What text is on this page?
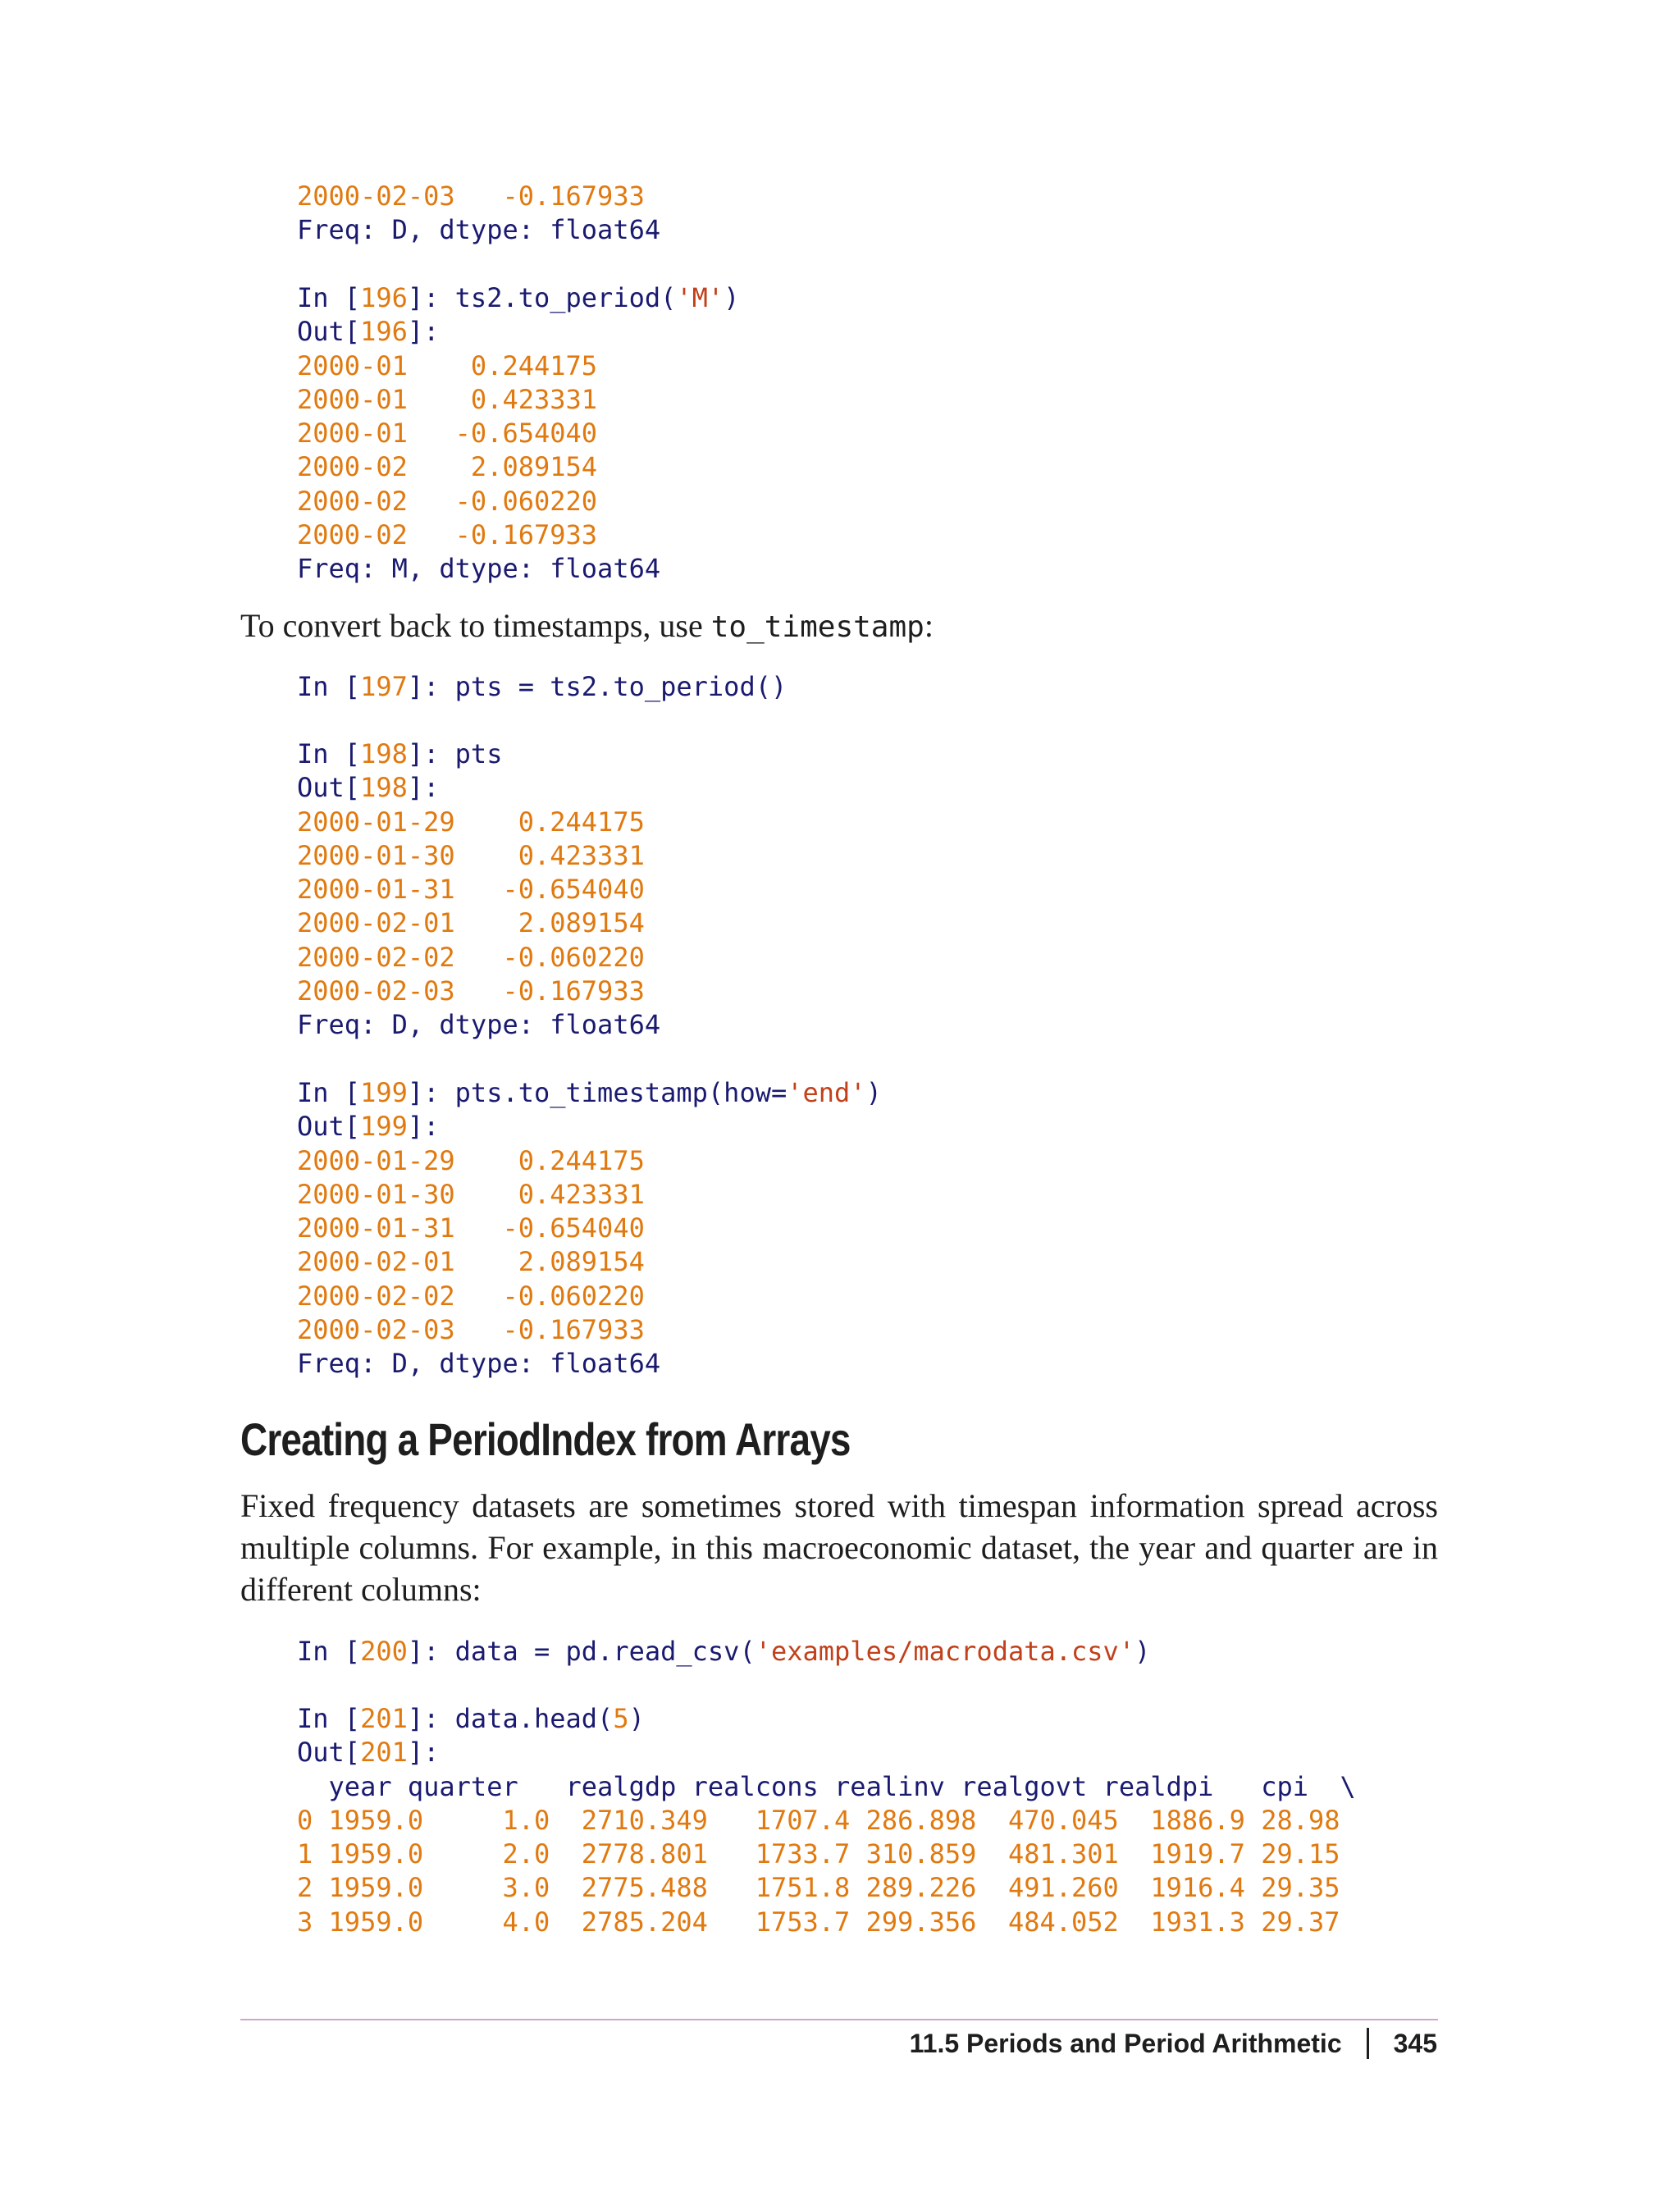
2000-02-03 -0.167933
Freq: D, dtype: float64
In [196]: ts2.to_period('M')
Out[196]:
2000-01    0.244175
2000-01    0.423331
2000-01 -0.654040
2000-02    2.089154
2000-02 -0.060220
2000-02 -0.167933
Freq: M, dtype: float64

To convert back to timestamps, use to_timestamp:

In [197]: pts = ts2.to_period()
In [198]: pts
Out[198]:
2000-01-29    0.244175
2000-01-30    0.423331
2000-01-31 -0.654040
2000-02-01    2.089154
2000-02-02 -0.060220
2000-02-03 -0.167933
Freq: D, dtype: float64
In [199]: pts.to_timestamp(how='end')
Out[199]:
2000-01-29    0.244175
2000-01-30    0.423331
2000-01-31 -0.654040
2000-02-01    2.089154
2000-02-02 -0.060220
2000-02-03 -0.167933
Freq: D, dtype: float64
Creating a PeriodIndex from Arrays

Fixed frequency datasets are sometimes stored with timespan information spread across multiple columns. For example, in this macroeconomic dataset, the year and quarter are in different columns:

In [200]: data = pd.read_csv('examples/macrodata.csv')
In [201]: data.head(5)
Out[201]:
year quarter realgdp realcons realinv realgovt realdpi cpi  \
0 1959.0	1.0 2710.349 1707.4 286.898 470.045 1886.9 28.98
1 1959.0	2.0 2778.801 1733.7 310.859 481.301 1919.7 29.15
2 1959.0	3.0 2775.488 1751.8 289.226 491.260 1916.4 29.35
3 1959.0	4.0 2785.204 1753.7 299.356 484.052 1931.3 29.37

11.5 Periods and Period Arithmetic 345
